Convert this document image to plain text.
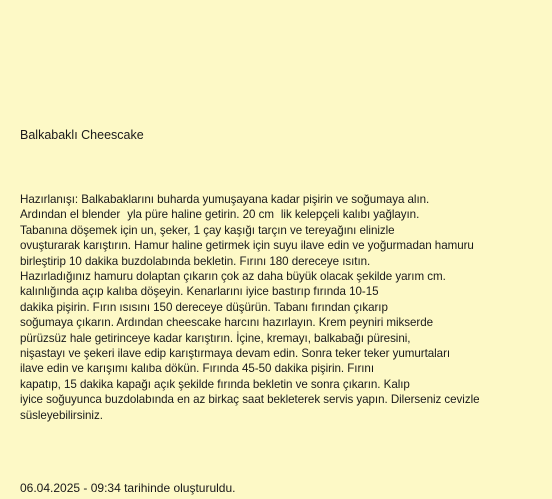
Balkabaklı Cheescake
Hazırlanışı: Balkabaklarını buharda yumuşayana kadar pişirin ve soğumaya alın.
Ardından el blenderyla püre haline getirin. 20 cmlik kelepçeli kalıbı yağlayın.
Tabanına döşemek için un, şeker, 1 çay kaşığı tarçın ve tereyağını elinizle
ovuşturarak karıştırın. Hamur haline getirmek için suyu ilave edin ve yoğurmadan hamuru
birleştirip 10 dakika buzdolabında bekletin. Fırını 180 dereceye ısıtın.
Hazırladığınız hamuru dolaptan çıkarın çok az daha büyük olacak şekilde yarım cm.
kalınlığında açıp kalıba döşeyin. Kenarlarını iyice bastırıp fırında 10-15
dakika pişirin. Fırın ısısını 150 dereceye düşürün. Tabanı fırından çıkarıp
soğumaya çıkarın. Ardından cheescake harcını hazırlayın. Krem peyniri mikserde
pürüzsüz hale getirinceye kadar karıştırın. İçine, kremayı, balkabağı püresini,
nişastayı ve şekeri ilave edip karıştırmaya devam edin. Sonra teker teker yumurtaları
ilave edin ve karışımı kalıba dökün. Fırında 45-50 dakika pişirin. Fırını
kapatıp, 15 dakika kapağı açık şekilde fırında bekletin ve sonra çıkarın. Kalıp
iyice soğuyunca buzdolabında en az birkaç saat bekleterek servis yapın. Dilerseniz cevizle
süsleyebilirsiniz.

06.04.2025 - 09:34 tarihinde oluşturuldu.
